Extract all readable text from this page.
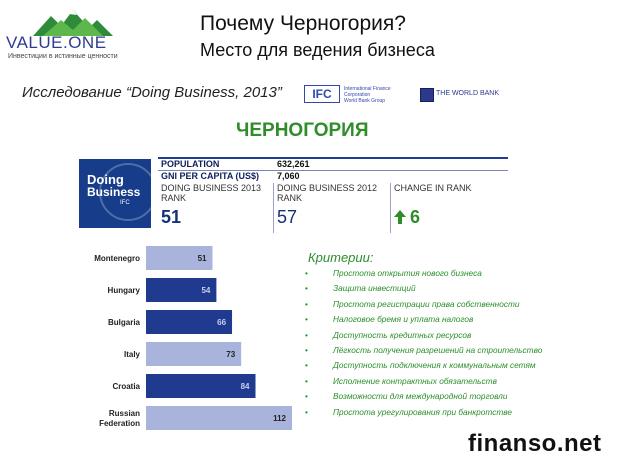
VALUE.ONE
Инвестиции в истинные ценности
Почему Черногория?
Место для ведения бизнеса
Исследование “Doing Business, 2013”	IFC	International Finance Corporation
World Bank Group
THE WORLD BANK
ЧЕРНОГОРИЯ
Doing
Business
IFC
POPULATION	632,261
GNI PER CAPITA (US$) 7,060
DOING BUSINESS 2013 RANK
DOING BUSINESS 2012 RANK
CHANGE IN RANK
51	57	6
51
Montenegro
54
Hungary
66
Bulgaria
73
Italy
84
Croatia
112
Russian Federation
Критерии:
•	Простота открытия нового бизнеса
•	Защита инвестиций
•	Простота регистрации права собственности
•	Налоговое бремя и уплата налогов
•	Доступность кредитных ресурсов
•	Лёгкость получения разрешений на строительство
•	Доступность подключения к коммунальным сетям
•	Исполнение контрактных обязательств
•	Возможности для международной торговли
•	Простота урегулирования при банкротстве
finanso.net
